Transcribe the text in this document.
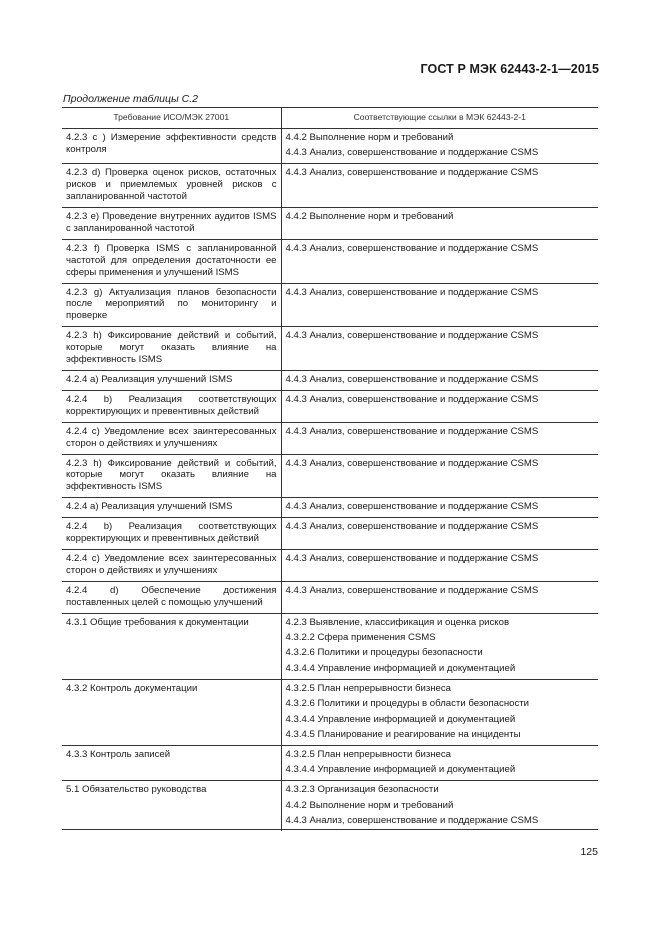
ГОСТ Р МЭК 62443-2-1—2015
Продолжение таблицы С.2
Требование ИСО/МЭК 27001	Соответствующие ссылки в МЭК 62443-2-1
4.2.3 с ) Измерение эффективности средств контроля	4.4.2 Выполнение норм и требований
4.4.3 Анализ, совершенствование и поддержание CSMS

4.2.3 d) Проверка оценок рисков, остаточных рисков и приемлемых уровней рисков с запланированной частотой	4.4.3 Анализ, совершенствование и поддержание CSMS

4.2.3 е) Проведение внутренних аудитов ISMS с запланированной частотой	4.4.2 Выполнение норм и требований

4.2.3 f) Проверка ISMS с запланированной частотой для определения достаточности ее сферы применения и улучшений ISMS	4.4.3 Анализ, совершенствование и поддержание CSMS

4.2.3 g) Актуализация планов безопасности после мероприятий по мониторингу и проверке	4.4.3 Анализ, совершенствование и поддержание CSMS

4.2.3 h) Фиксирование действий и событий, которые могут оказать влияние на эффективность ISMS	4.4.3 Анализ, совершенствование и поддержание CSMS

4.2.4 а) Реализация улучшений ISMS	4.4.3 Анализ, совершенствование и поддержание CSMS

4.2.4 b) Реализация соответствующих корректирующих и превентивных действий	4.4.3 Анализ, совершенствование и поддержание CSMS

4.2.4 с) Уведомление всех заинтересованных сторон о действиях и улучшениях	4.4.3 Анализ, совершенствование и поддержание CSMS

4.2.3 h) Фиксирование действий и событий, которые могут оказать влияние на эффективность ISMS	4.4.3 Анализ, совершенствование и поддержание CSMS

4.2.4 а) Реализация улучшений ISMS	4.4.3 Анализ, совершенствование и поддержание CSMS

4.2.4 b) Реализация соответствующих корректирующих и превентивных действий	4.4.3 Анализ, совершенствование и поддержание CSMS

4.2.4 с) Уведомление всех заинтересованных сторон о действиях и улучшениях	4.4.3 Анализ, совершенствование и поддержание CSMS

4.2.4 d) Обеспечение достижения поставленных целей с помощью улучшений	4.4.3 Анализ, совершенствование и поддержание CSMS

4.3.1 Общие требования к документации	4.2.3 Выявление, классификация и оценка рисков
4.3.2.2 Сфера применения CSMS
4.3.2.6 Политики и процедуры безопасности
4.3.4.4 Управление информацией и документацией

4.3.2 Контроль документации	4.3.2.5 План непрерывности бизнеса
4.3.2.6 Политики и процедуры в области безопасности
4.3.4.4 Управление информацией и документацией
4.3.4.5 Планирование и реагирование на инциденты

4.3.3 Контроль записей	4.3.2.5 План непрерывности бизнеса
4.3.4.4 Управление информацией и документацией

5.1 Обязательство руководства	4.3.2.3 Организация безопасности
4.4.2 Выполнение норм и требований
4.4.3 Анализ, совершенствование и поддержание CSMS
125
